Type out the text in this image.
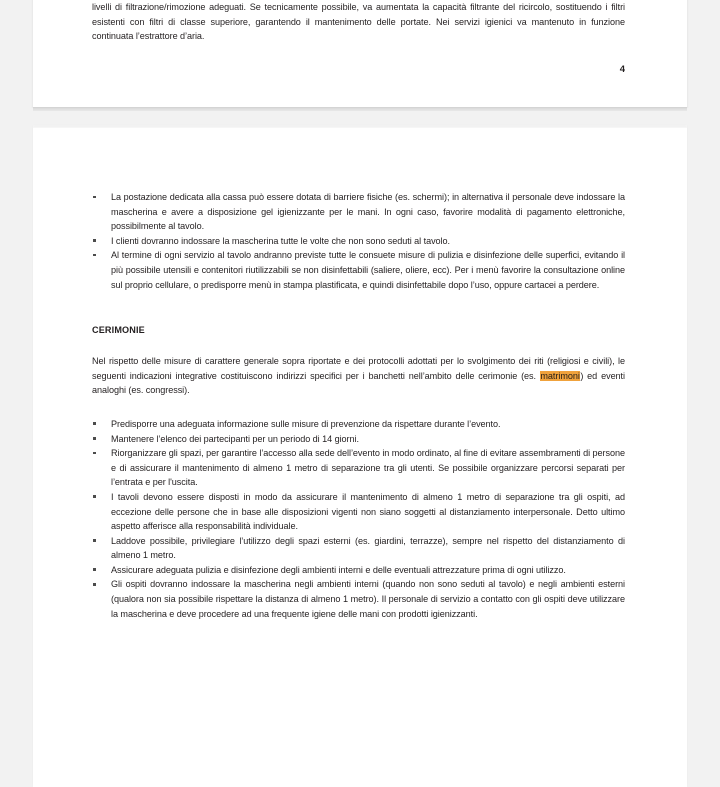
livelli di filtrazione/rimozione adeguati. Se tecnicamente possibile, va aumentata la capacità filtrante del ricircolo, sostituendo i filtri esistenti con filtri di classe superiore, garantendo il mantenimento delle portate. Nei servizi igienici va mantenuto in funzione continuata l’estrattore d’aria.

4
La postazione dedicata alla cassa può essere dotata di barriere fisiche (es. schermi); in alternativa il personale deve indossare la mascherina e avere a disposizione gel igienizzante per le mani. In ogni caso, favorire modalità di pagamento elettroniche, possibilmente al tavolo.
I clienti dovranno indossare la mascherina tutte le volte che non sono seduti al tavolo.
Al termine di ogni servizio al tavolo andranno previste tutte le consuete misure di pulizia e disinfezione delle superfici, evitando il più possibile utensili e contenitori riutilizzabili se non disinfettabili (saliere, oliere, ecc). Per i menù favorire la consultazione online sul proprio cellulare, o predisporre menù in stampa plastificata, e quindi disinfettabile dopo l’uso, oppure cartacei a perdere.
CERIMONIE

Nel rispetto delle misure di carattere generale sopra riportate e dei protocolli adottati per lo svolgimento dei riti (religiosi e civili), le seguenti indicazioni integrative costituiscono indirizzi specifici per i banchetti nell’ambito delle cerimonie (es. matrimoni) ed eventi analoghi (es. congressi).

Predisporre una adeguata informazione sulle misure di prevenzione da rispettare durante l’evento.
Mantenere l’elenco dei partecipanti per un periodo di 14 giorni.
Riorganizzare gli spazi, per garantire l’accesso alla sede dell’evento in modo ordinato, al fine di evitare assembramenti di persone e di assicurare il mantenimento di almeno 1 metro di separazione tra gli utenti. Se possibile organizzare percorsi separati per l’entrata e per l'uscita.
I tavoli devono essere disposti in modo da assicurare il mantenimento di almeno 1 metro di separazione tra gli ospiti, ad eccezione delle persone che in base alle disposizioni vigenti non siano soggetti al distanziamento interpersonale. Detto ultimo aspetto afferisce alla responsabilità individuale.
Laddove possibile, privilegiare l’utilizzo degli spazi esterni (es. giardini, terrazze), sempre nel rispetto del distanziamento di almeno 1 metro.
Assicurare adeguata pulizia e disinfezione degli ambienti interni e delle eventuali attrezzature prima di ogni utilizzo.
Gli ospiti dovranno indossare la mascherina negli ambienti interni (quando non sono seduti al tavolo) e negli ambienti esterni (qualora non sia possibile rispettare la distanza di almeno 1 metro). Il personale di servizio a contatto con gli ospiti deve utilizzare la mascherina e deve procedere ad una frequente igiene delle mani con prodotti igienizzanti.
